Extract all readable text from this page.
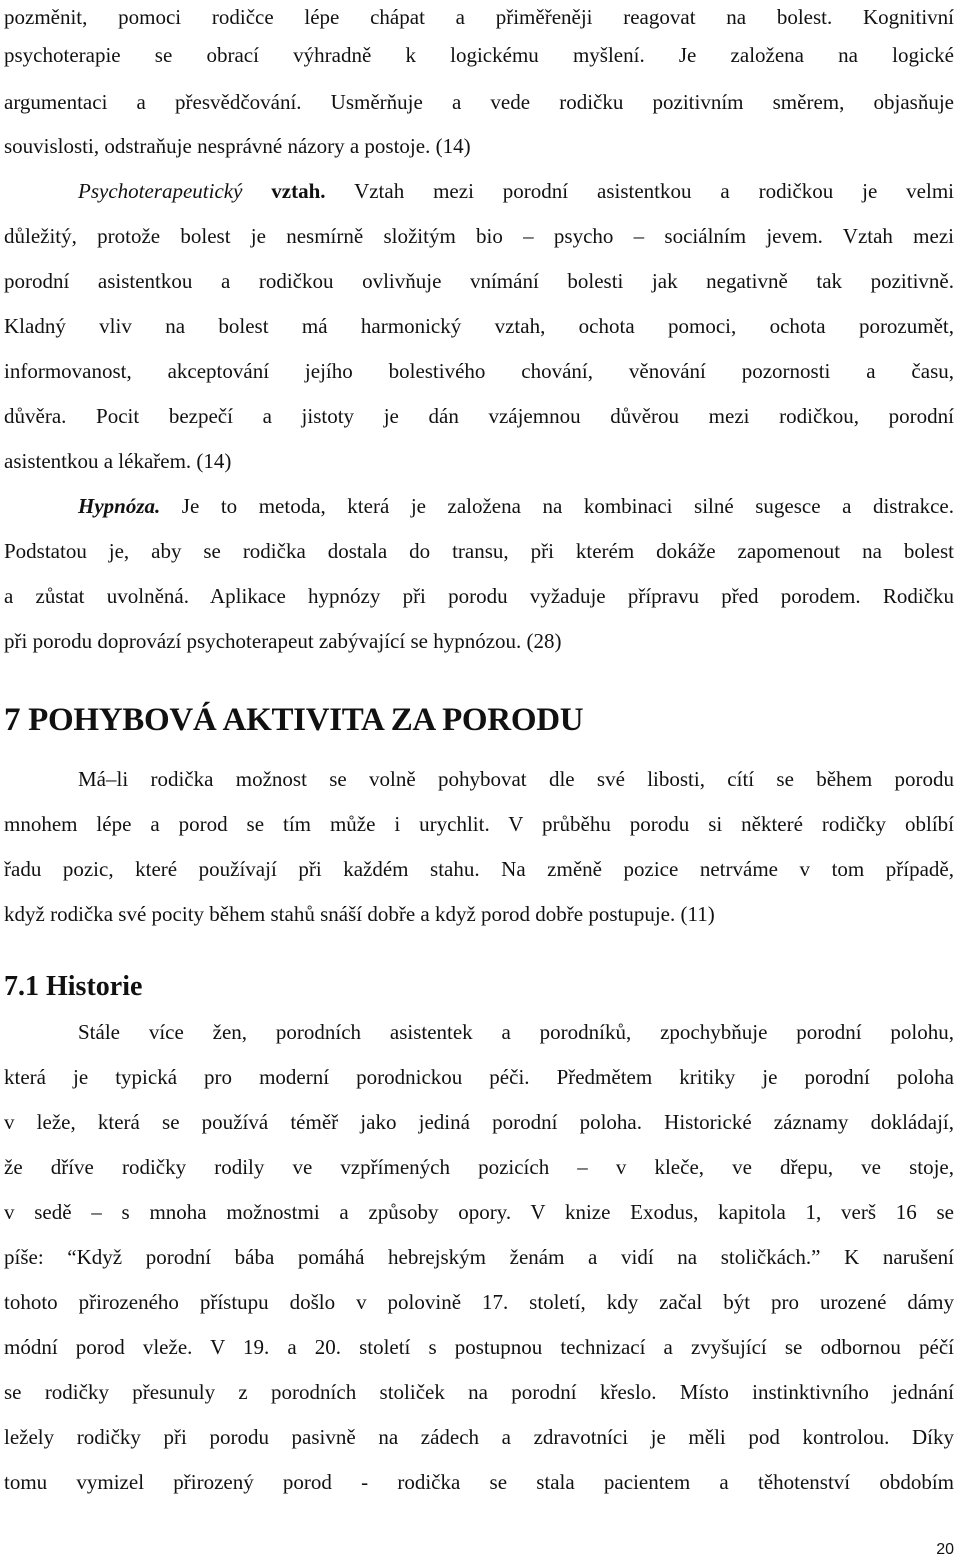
pozměnit, pomoci rodičce lépe chápat a přiměřeněji reagovat na bolest. Kognitivní
psychoterapie se obrací výhradně k logickému myšlení. Je založena na logické
argumentaci a přesvědčování. Usměrňuje a vede rodičku pozitivním směrem, objasňuje
souvislosti, odstraňuje nesprávné názory a postoje. (14)
Psychoterapeutický vztah. Vztah mezi porodní asistentkou a rodičkou je velmi
důležitý, protože bolest je nesmírně složitým bio – psycho – sociálním jevem. Vztah mezi
porodní asistentkou a rodičkou ovlivňuje vnímání bolesti jak negativně tak pozitivně.
Kladný vliv na bolest má harmonický vztah, ochota pomoci, ochota porozumět,
informovanost, akceptování jejího bolestivého chování, věnování pozornosti a času,
důvěra. Pocit bezpečí a jistoty je dán vzájemnou důvěrou mezi rodičkou, porodní
asistentkou a lékařem. (14)
Hypnóza. Je to metoda, která je založena na kombinaci silné sugesce a distrakce.
Podstatou je, aby se rodička dostala do transu, při kterém dokáže zapomenout na bolest
a zůstat uvolněná. Aplikace hypnózy při porodu vyžaduje přípravu před porodem. Rodičku
při porodu doprovází psychoterapeut zabývající se hypnózou. (28)
7 POHYBOVÁ AKTIVITA ZA PORODU
Má–li rodička možnost se volně pohybovat dle své libosti, cítí se během porodu
mnohem lépe a porod se tím může i urychlit. V průběhu porodu si některé rodičky oblíbí
řadu pozic, které používají při každém stahu. Na změně pozice netrváme v tom případě,
když rodička své pocity během stahů snáší dobře a když porod dobře postupuje. (11)
7.1 Historie
Stále více žen, porodních asistentek a porodníků, zpochybňuje porodní polohu,
která je typická pro moderní porodnickou péči. Předmětem kritiky je porodní poloha
v leže, která se používá téměř jako jediná porodní poloha. Historické záznamy dokládají,
že dříve rodičky rodily ve vzpřímených pozicích – v kleče, ve dřepu, ve stoje,
v sedě – s mnoha možnostmi a způsoby opory. V knize Exodus, kapitola 1, verš 16 se
píše: “Když porodní bába pomáhá hebrejským ženám a vidí na stoličkách.” K narušení
tohoto přirozeného přístupu došlo v polovině 17. století, kdy začal být pro urozené dámy
módní porod vleže. V 19. a 20. století s postupnou technizací a zvyšující se odbornou péčí
se rodičky přesunuly z porodních stoliček na porodní křeslo. Místo instinktivního jednání
ležely rodičky při porodu pasivně na zádech a zdravotníci je měli pod kontrolou. Díky
tomu vymizel přirozený porod - rodička se stala pacientem a těhotenství obdobím
20
